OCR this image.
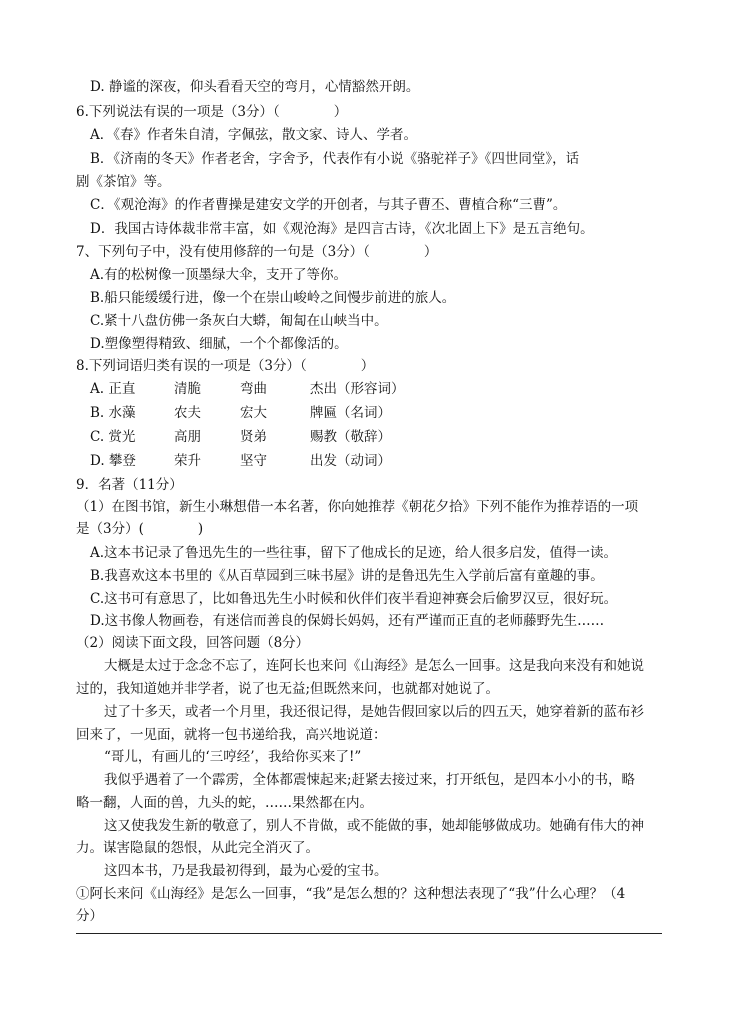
D. 静谧的深夜，仰头看看天空的弯月，心情豁然开朗。
6.下列说法有误的一项是（3分）（　　　　）
A．《春》作者朱自清，字佩弦，散文家、诗人、学者。
B．《济南的冬天》作者老舍，字舍予，代表作有小说《骆驼祥子》《四世同堂》，话
剧《茶馆》等。
C．《观沧海》的作者曹操是建安文学的开创者，与其子曹丕、曹植合称“三曹”。
D．我国古诗体裁非常丰富，如《观沧海》是四言古诗，《次北固上下》是五言绝句。
7、下列句子中，没有使用修辞的一句是（3分）（　　　　）
A.有的松树像一顶墨绿大伞，支开了等你。
B.船只能缓缓行进，像一个在崇山峻岭之间慢步前进的旅人。
C.紧十八盘仿佛一条灰白大蟒，匍匐在山峡当中。
D.塑像塑得精致、细腻，一个个都像活的。
8.下列词语归类有误的一项是（3分）（　　　　）
A. 正直	清脆	弯曲	杰出（形容词）
B. 水藻	农夫	宏大	牌匾（名词）
C. 赏光	高朋	贤弟	赐教（敬辞）
D. 攀登	荣升	坚守	出发（动词）
9．名著（11分）
（1）在图书馆，新生小琳想借一本名著，你向她推荐《朝花夕拾》下列不能作为推荐语的一项
是（3分）(　　　　)
A.这本书记录了鲁迅先生的一些往事，留下了他成长的足迹，给人很多启发，值得一读。
B.我喜欢这本书里的《从百草园到三味书屋》讲的是鲁迅先生入学前后富有童趣的事。
C.这书可有意思了，比如鲁迅先生小时候和伙伴们夜半看迎神赛会后偷罗汉豆，很好玩。
D.这书像人物画卷，有迷信而善良的保姆长妈妈，还有严谨而正直的老师藤野先生……
（2）阅读下面文段，回答问题（8分）
大概是太过于念念不忘了，连阿长也来问《山海经》是怎么一回事。这是我向来没有和她说
过的，我知道她并非学者，说了也无益;但既然来问，也就都对她说了。
过了十多天，或者一个月里，我还很记得，是她告假回家以后的四五天，她穿着新的蓝布衫
回来了，一见面，就将一包书递给我，高兴地说道：
“哥儿，有画儿的‘三哼经’，我给你买来了!”
我似乎遇着了一个霹雳，全体都震悚起来;赶紧去接过来，打开纸包，是四本小小的书，略
略一翻，人面的兽，九头的蛇，……果然都在内。
这又使我发生新的敬意了，别人不肯做，或不能做的事，她却能够做成功。她确有伟大的神
力。谋害隐鼠的怨恨，从此完全消灭了。
这四本书，乃是我最初得到，最为心爱的宝书。
①阿长来问《山海经》是怎么一回事，“我”是怎么想的？这种想法表现了“我”什么心理？（4
分）
